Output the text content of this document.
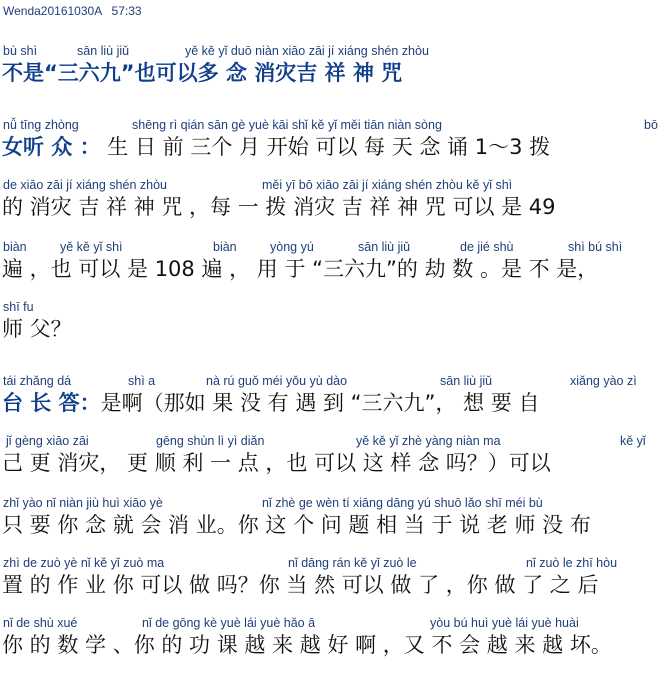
Wenda20161030A   57:33
bù shì	sān liù jiǔ	yě kě yǐ duō niàn xiāo zāi jí xiáng shén zhòu
不是“三六九”也可以多 念 消灾吉 祥 神 咒
nǚ tīng zhòng	shēng rì qián sān gè yuè kāi shǐ kě yǐ měi tiān niàn sòng	bō
女听 众 ： 生 日 前 三个 月 开始 可以 每 天 念 诵 1～3 拨
de xiāo zāi jí xiáng shén zhòu	měi yī bō xiāo zāi jí xiáng shén zhòu kě yǐ shì
的 消灾 吉 祥 神 咒 ，每 一 拨 消灾 吉 祥 神 咒 可以 是 49
biàn	yě kě yǐ shì	biàn	yòng yú	sān liù jiǔ	de jié shù	shì bú shì
遍 ，也 可以 是 108 遍 ， 用 于 “三六九”的 劫 数 。是 不 是，
shī fu
师 父？
tái zhǎng dá	shì a	nà rú guǒ méi yǒu yù dào	sān liù jiǔ	xiǎng yào zì
台 长 答：是啊（那如 果 没 有 遇 到 “三六九”， 想 要 自
jǐ gèng xiāo zāi	gēng shùn lì yì diǎn	yě kě yǐ zhè yàng niàn ma	kě yǐ
己 更 消灾， 更 顺 利 一 点 ，也 可以 这 样 念 吗？）可以
zhǐ yào nǐ niàn jiù huì xiāo yè	nǐ zhè ge wèn tí xiāng dāng yú shuō lǎo shī méi bù
只 要 你 念 就 会 消 业。你 这 个 问 题 相 当 于 说 老 师 没 布
zhì de zuò yè nǐ kě yǐ zuò ma	nǐ dāng rán kě yǐ zuò le	nǐ zuò le zhī hòu
置 的 作 业 你 可以 做 吗？你 当 然 可以 做 了 ，你 做 了 之 后
nǐ de shù xué	nǐ de gōng kè yuè lái yuè hǎo ā	yòu bú huì yuè lái yuè huài
你 的 数 学 、你 的 功 课 越 来 越 好 啊 ，又 不 会 越 来 越 坏。
